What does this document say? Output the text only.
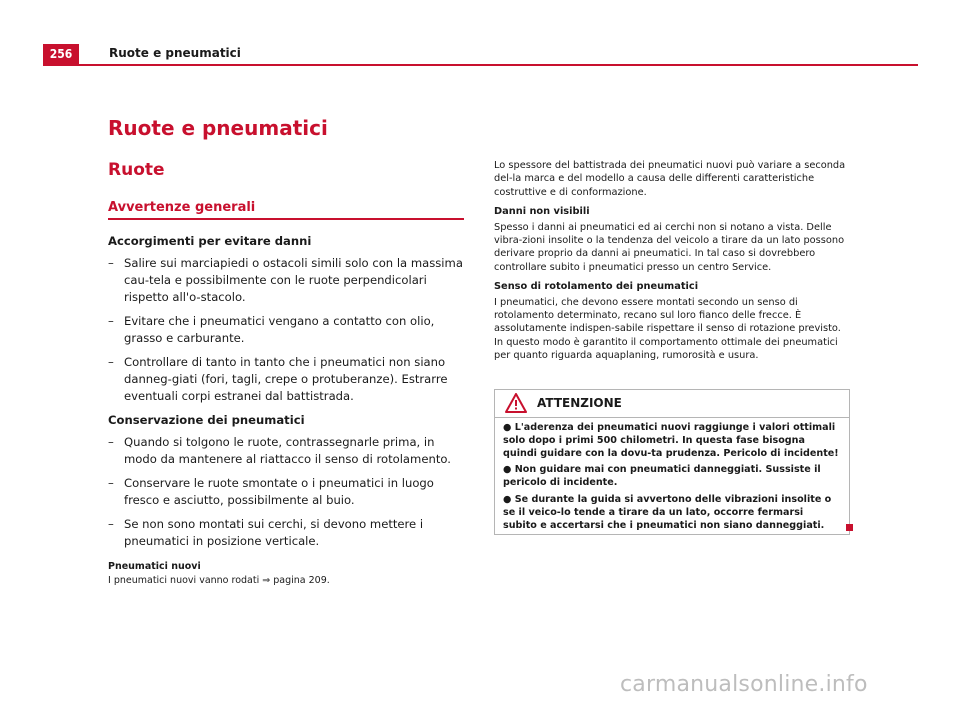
256	Ruote e pneumatici
Ruote e pneumatici
Ruote
Avvertenze generali
Accorgimenti per evitare danni
– Salire sui marciapiedi o ostacoli simili solo con la massima cau-tela e possibilmente con le ruote perpendicolari rispetto all'o-stacolo.
– Evitare che i pneumatici vengano a contatto con olio, grasso e carburante.
– Controllare di tanto in tanto che i pneumatici non siano danneg-giati (fori, tagli, crepe o protuberanze). Estrarre eventuali corpi estranei dal battistrada.
Conservazione dei pneumatici
– Quando si tolgono le ruote, contrassegnarle prima, in modo da mantenere al riattacco il senso di rotolamento.
– Conservare le ruote smontate o i pneumatici in luogo fresco e asciutto, possibilmente al buio.
– Se non sono montati sui cerchi, si devono mettere i pneumatici in posizione verticale.
Pneumatici nuovi
I pneumatici nuovi vanno rodati ⇒ pagina 209.

Lo spessore del battistrada dei pneumatici nuovi può variare a seconda del-la marca e del modello a causa delle differenti caratteristiche costruttive e di conformazione.

Danni non visibili

Spesso i danni ai pneumatici ed ai cerchi non si notano a vista. Delle vibra-zioni insolite o la tendenza del veicolo a tirare da un lato possono derivare proprio da danni ai pneumatici. In tal caso si dovrebbero controllare subito i pneumatici presso un centro Service.

Senso di rotolamento dei pneumatici

I pneumatici, che devono essere montati secondo un senso di rotolamento determinato, recano sul loro fianco delle frecce. È assolutamente indispen-sabile rispettare il senso di rotazione previsto. In questo modo è garantito il comportamento ottimale dei pneumatici per quanto riguarda aquaplaning, rumorosità e usura.

ATTENZIONE

● L'aderenza dei pneumatici nuovi raggiunge i valori ottimali solo dopo i primi 500 chilometri. In questa fase bisogna quindi guidare con la dovu-ta prudenza. Pericolo di incidente!

● Non guidare mai con pneumatici danneggiati. Sussiste il pericolo di incidente.

● Se durante la guida si avvertono delle vibrazioni insolite o se il veico-lo tende a tirare da un lato, occorre fermarsi subito e accertarsi che i pneumatici non siano danneggiati.

carmanualsonline.info
